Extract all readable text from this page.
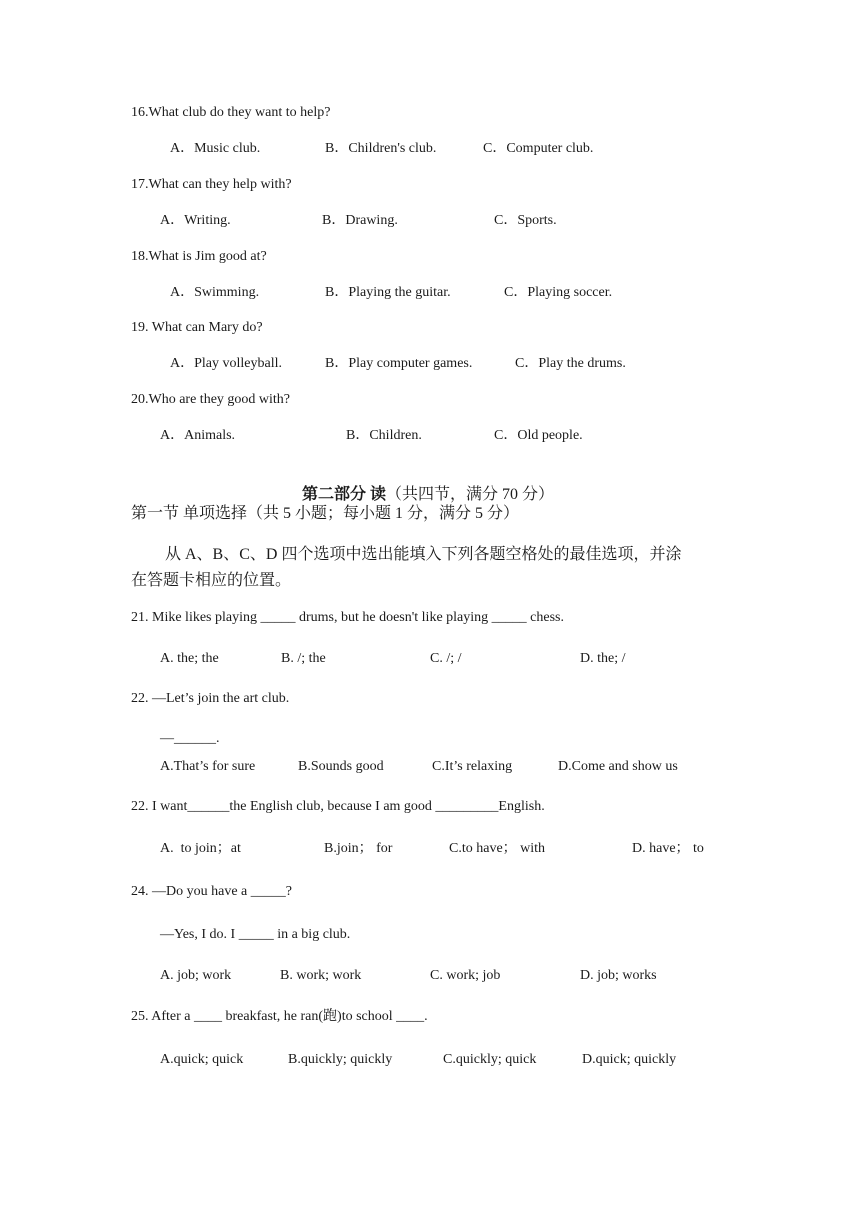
16.What club do they want to help?
A．Music club.	B．Children's club.	C．Computer club.
17.What can they help with?
A．Writing.	B．Drawing.	C．Sports.
18.What is Jim good at?
A．Swimming.	B．Playing the guitar.	C．Playing soccer.
19. What can Mary do?
A．Play volleyball.	B．Play computer games.	C．Play the drums.
20.Who are they good with?
A．Animals.	B．Children.	C．Old people.

第二部分 读（共四节，满分 70 分）

第一节 单项选择（共 5 小题；每小题 1 分，满分 5 分）
从 A、B、C、D 四个选项中选出能填入下列各题空格处的最佳选项，并涂
在答题卡相应的位置。
21. Mike likes playing _____ drums, but he doesn't like playing _____ chess.
A. the; the	B. /; the	C. /; /	D. the; /
22. —Let’s join the art club.
—______.
A.That’s for sure	B.Sounds good	C.It’s relaxing	D.Come and show us
22. I want______the English club, because I am good _________English.
A.  to join；at	B.join； for	C.to have； with	D. have； to
24. —Do you have a _____?
—Yes, I do. I _____ in a big club.
A. job; work	B. work; work	C. work; job	D. job; works
25. After a ____ breakfast, he ran(跑)to school ____.
A.quick; quick	B.quickly; quickly	C.quickly; quick	D.quick; quickly
